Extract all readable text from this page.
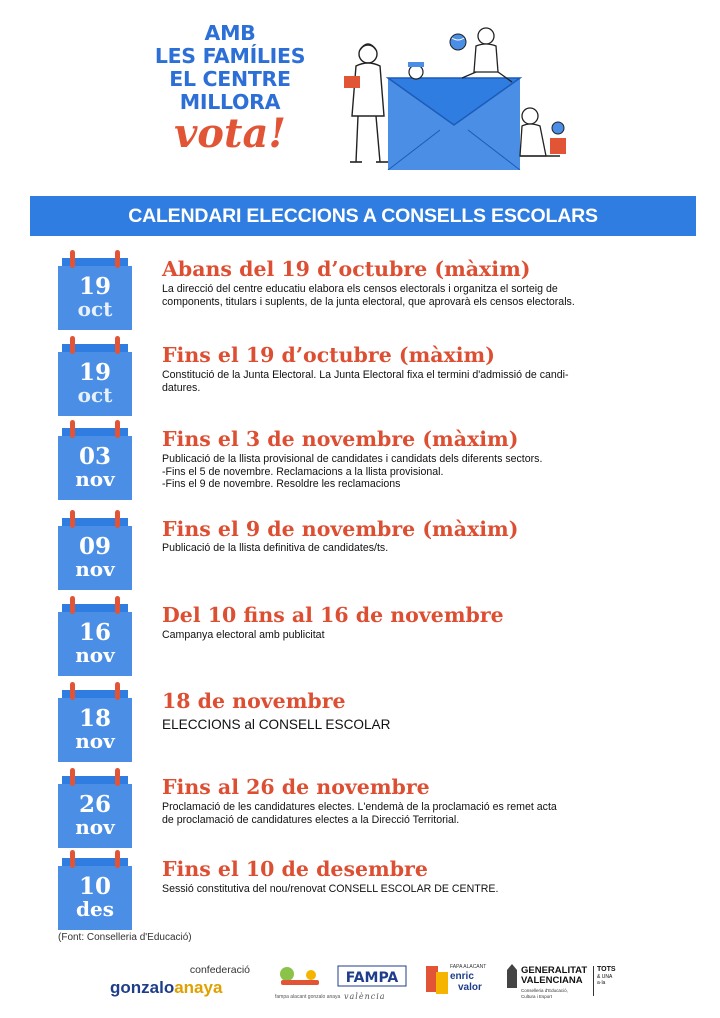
AMB
LES FAMÍLIES
EL CENTRE
MILLORA
vota!
CALENDARI ELECCIONS A CONSELLS ESCOLARS
19
oct
Abans del 19 d’octubre (màxim)
La direcció del centre educatiu elabora els censos electorals i organitza el sorteig de
components, titulars i suplents, de la junta electoral, que aprovarà els censos electorals.
19
oct
Fins el 19 d’octubre (màxim)
Constitució de la Junta Electoral. La Junta Electoral fixa el termini d'admissió de candi-
datures.
03
nov
Fins el 3 de novembre (màxim)
Publicació de la llista provisional de candidates i candidats dels diferents sectors.
-Fins el 5 de novembre. Reclamacions a la llista provisional.
-Fins el 9 de novembre. Resoldre les reclamacions
09
nov
Fins el 9 de novembre (màxim)
Publicació de la llista definitiva de candidates/ts.
16
nov
Del 10 fins al 16 de novembre
Campanya electoral amb publicitat
18
nov
18 de novembre
ELECCIONS al CONSELL ESCOLAR
26
nov
Fins al 26 de novembre
Proclamació de les candidatures electes. L'endemà de la proclamació es remet acta
de proclamació de candidatures electes a la Direcció Territorial.
10
des
Fins el 10 de desembre
Sessió constitutiva del nou/renovat CONSELL ESCOLAR DE CENTRE.
(Font: Conselleria d'Educació)
confederació
gonzaloanaya	fampa alacant gonzalo anaya
FAMPA
valència
FAPA ALACANT
enric
valor
GENERALITAT
VALENCIANA
Conselleria d'Educació, Cultura i Esport
TOTS
& UNA
a·la
